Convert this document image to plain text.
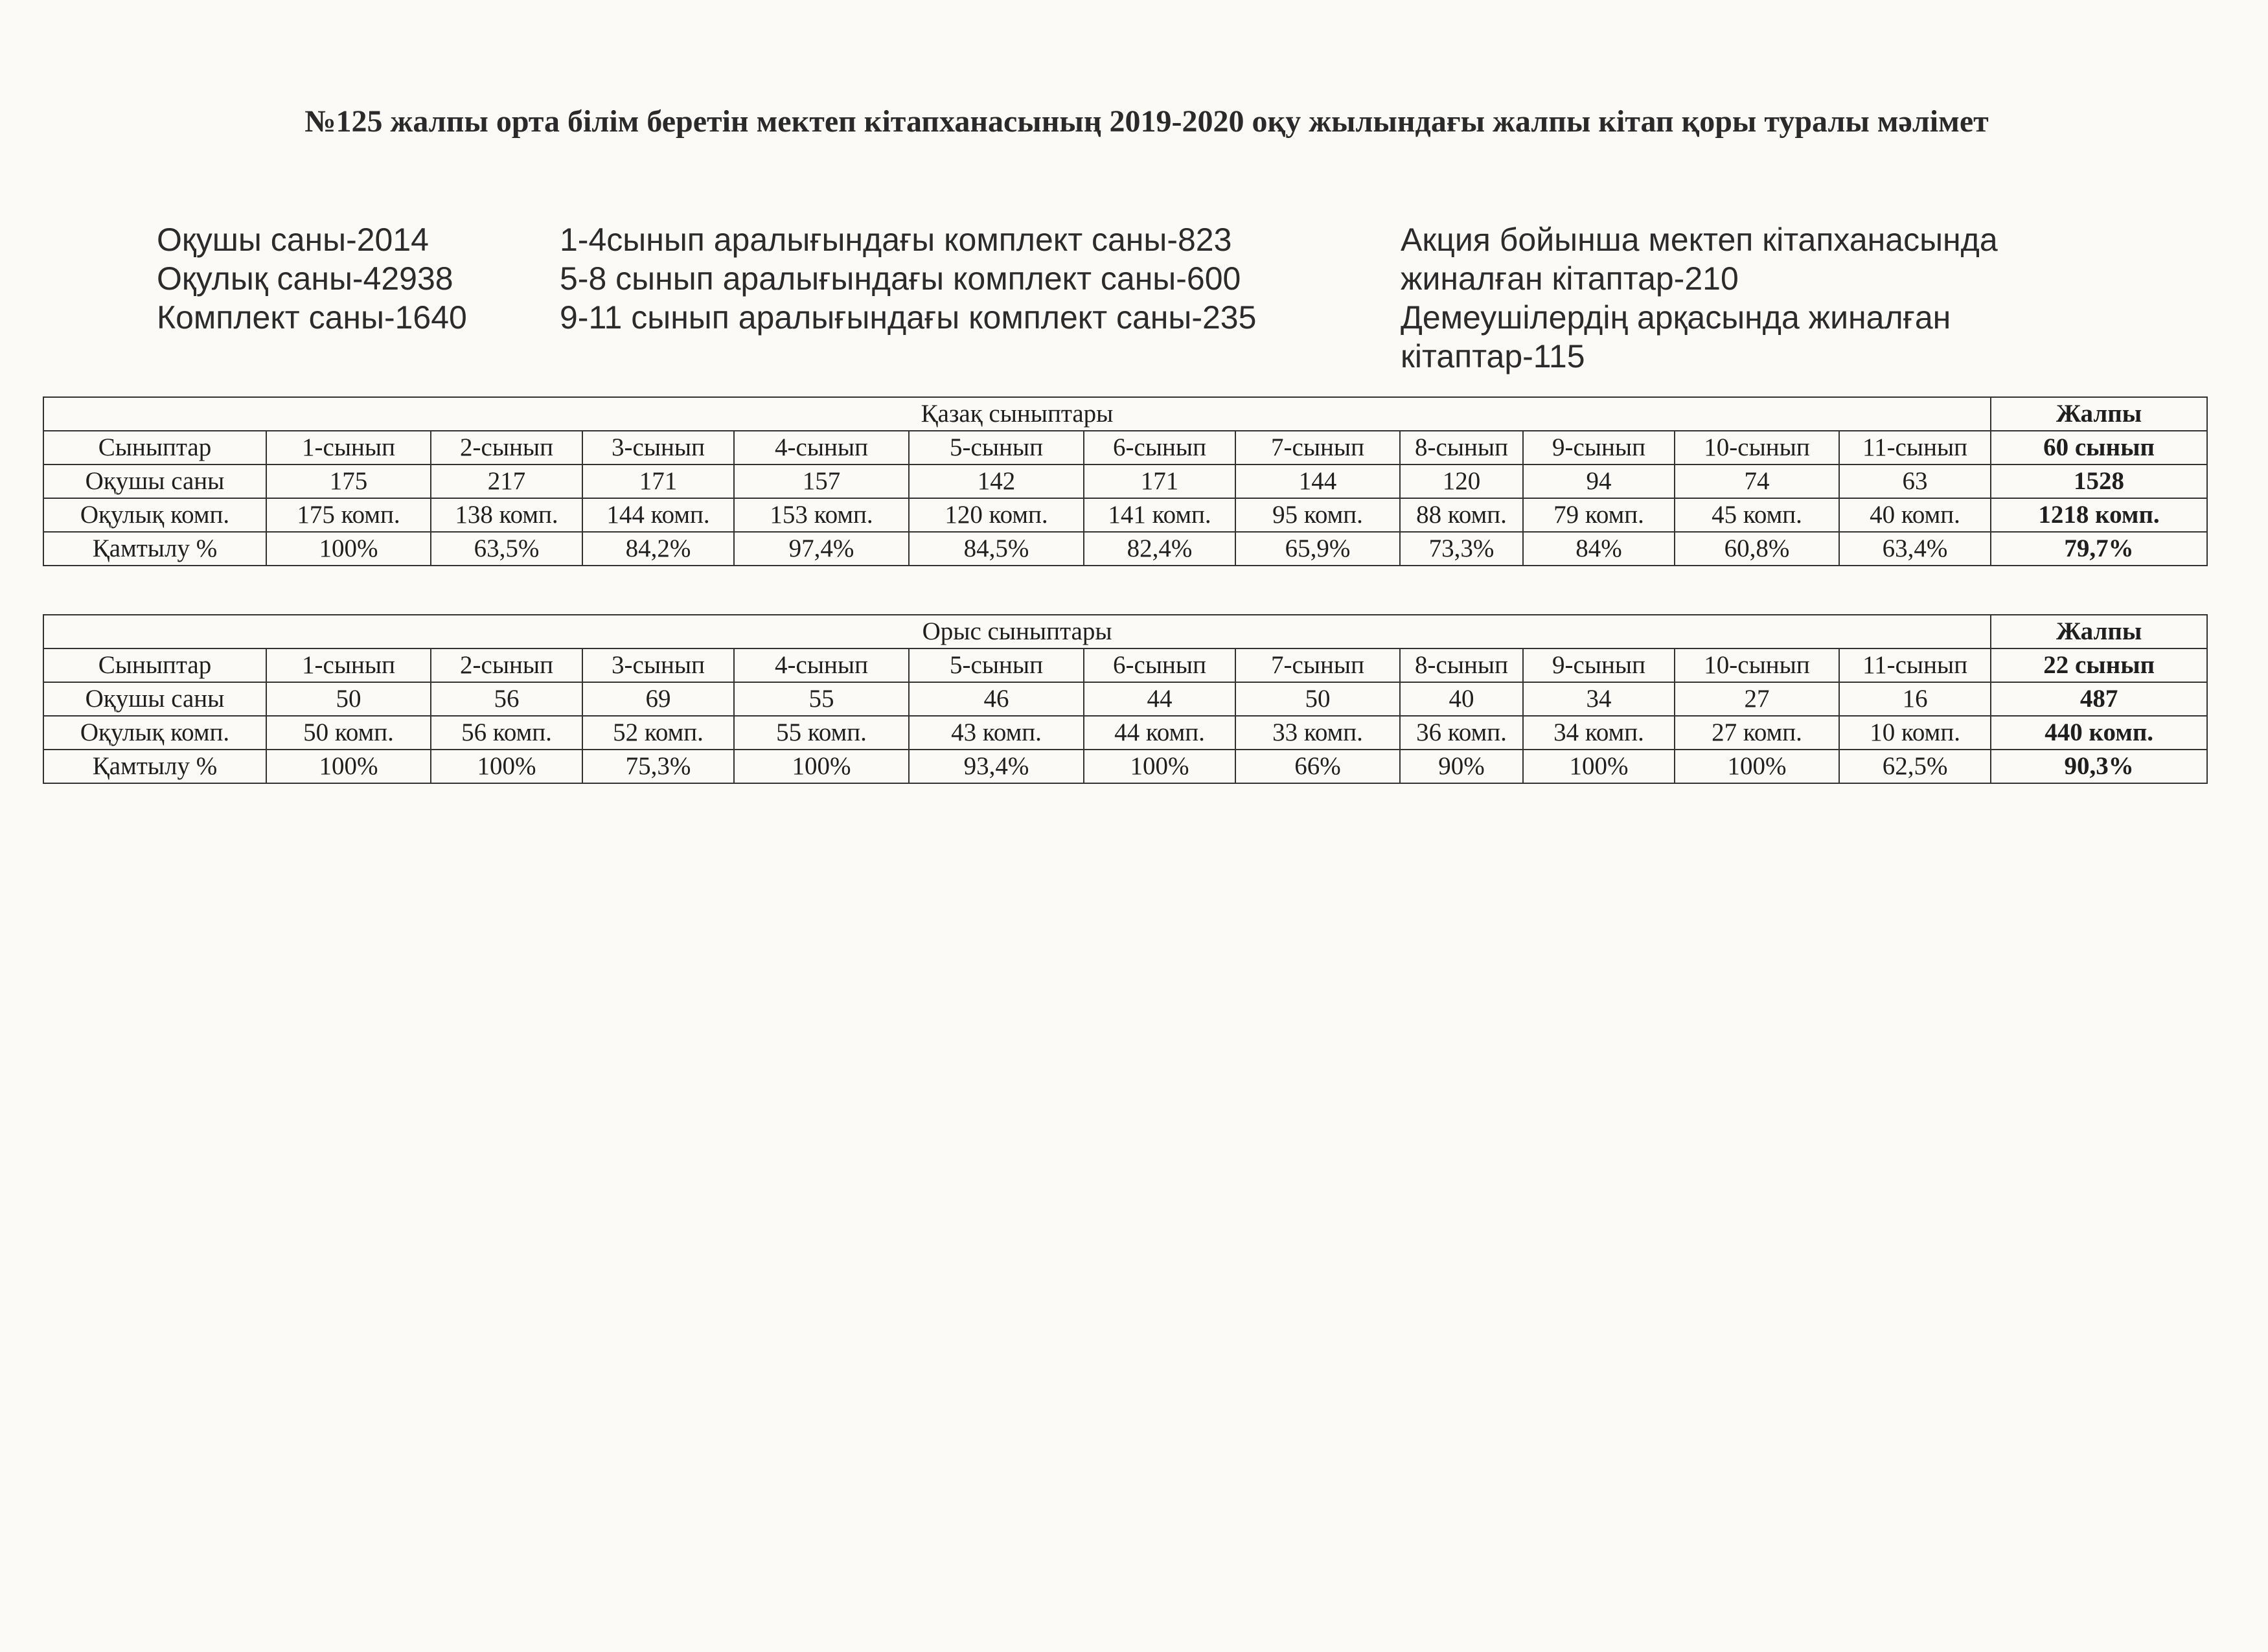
№125 жалпы орта білім беретін мектеп кітапханасының 2019-2020 оқу жылындағы жалпы кітап қоры туралы мәлімет
Оқушы саны-2014
Оқулық саны-42938
Комплект саны-1640
1-4сынып аралығындағы комплект саны-823
5-8 сынып аралығындағы комплект саны-600
9-11 сынып аралығындағы комплект саны-235
Акция бойынша мектеп кітапханасында
жиналған кітаптар-210
Демеушілердің арқасында жиналған
кітаптар-115
Қазақ сыныптары												Жалпы
Сыныптар	1-сынып	2-сынып	3-сынып	4-сынып	5-сынып	6-сынып	7-сынып	8-сынып	9-сынып	10-сынып	11-сынып	60 сынып
Оқушы саны	175	217	171	157	142	171	144	120	94	74	63	1528
Оқулық комп.	175 комп.	138 комп.	144 комп.	153 комп.	120 комп.	141 комп.	95 комп.	88 комп.	79 комп.	45 комп.	40 комп.	1218 комп.
Қамтылу %	100%	63,5%	84,2%	97,4%	84,5%	82,4%	65,9%	73,3%	84%	60,8%	63,4%	79,7%
Орыс сыныптары												Жалпы
Сыныптар	1-сынып	2-сынып	3-сынып	4-сынып	5-сынып	6-сынып	7-сынып	8-сынып	9-сынып	10-сынып	11-сынып	22 сынып
Оқушы саны	50	56	69	55	46	44	50	40	34	27	16	487
Оқулық комп.	50 комп.	56 комп.	52 комп.	55 комп.	43 комп.	44 комп.	33 комп.	36 комп.	34 комп.	27 комп.	10 комп.	440 комп.
Қамтылу %	100%	100%	75,3%	100%	93,4%	100%	66%	90%	100%	100%	62,5%	90,3%
